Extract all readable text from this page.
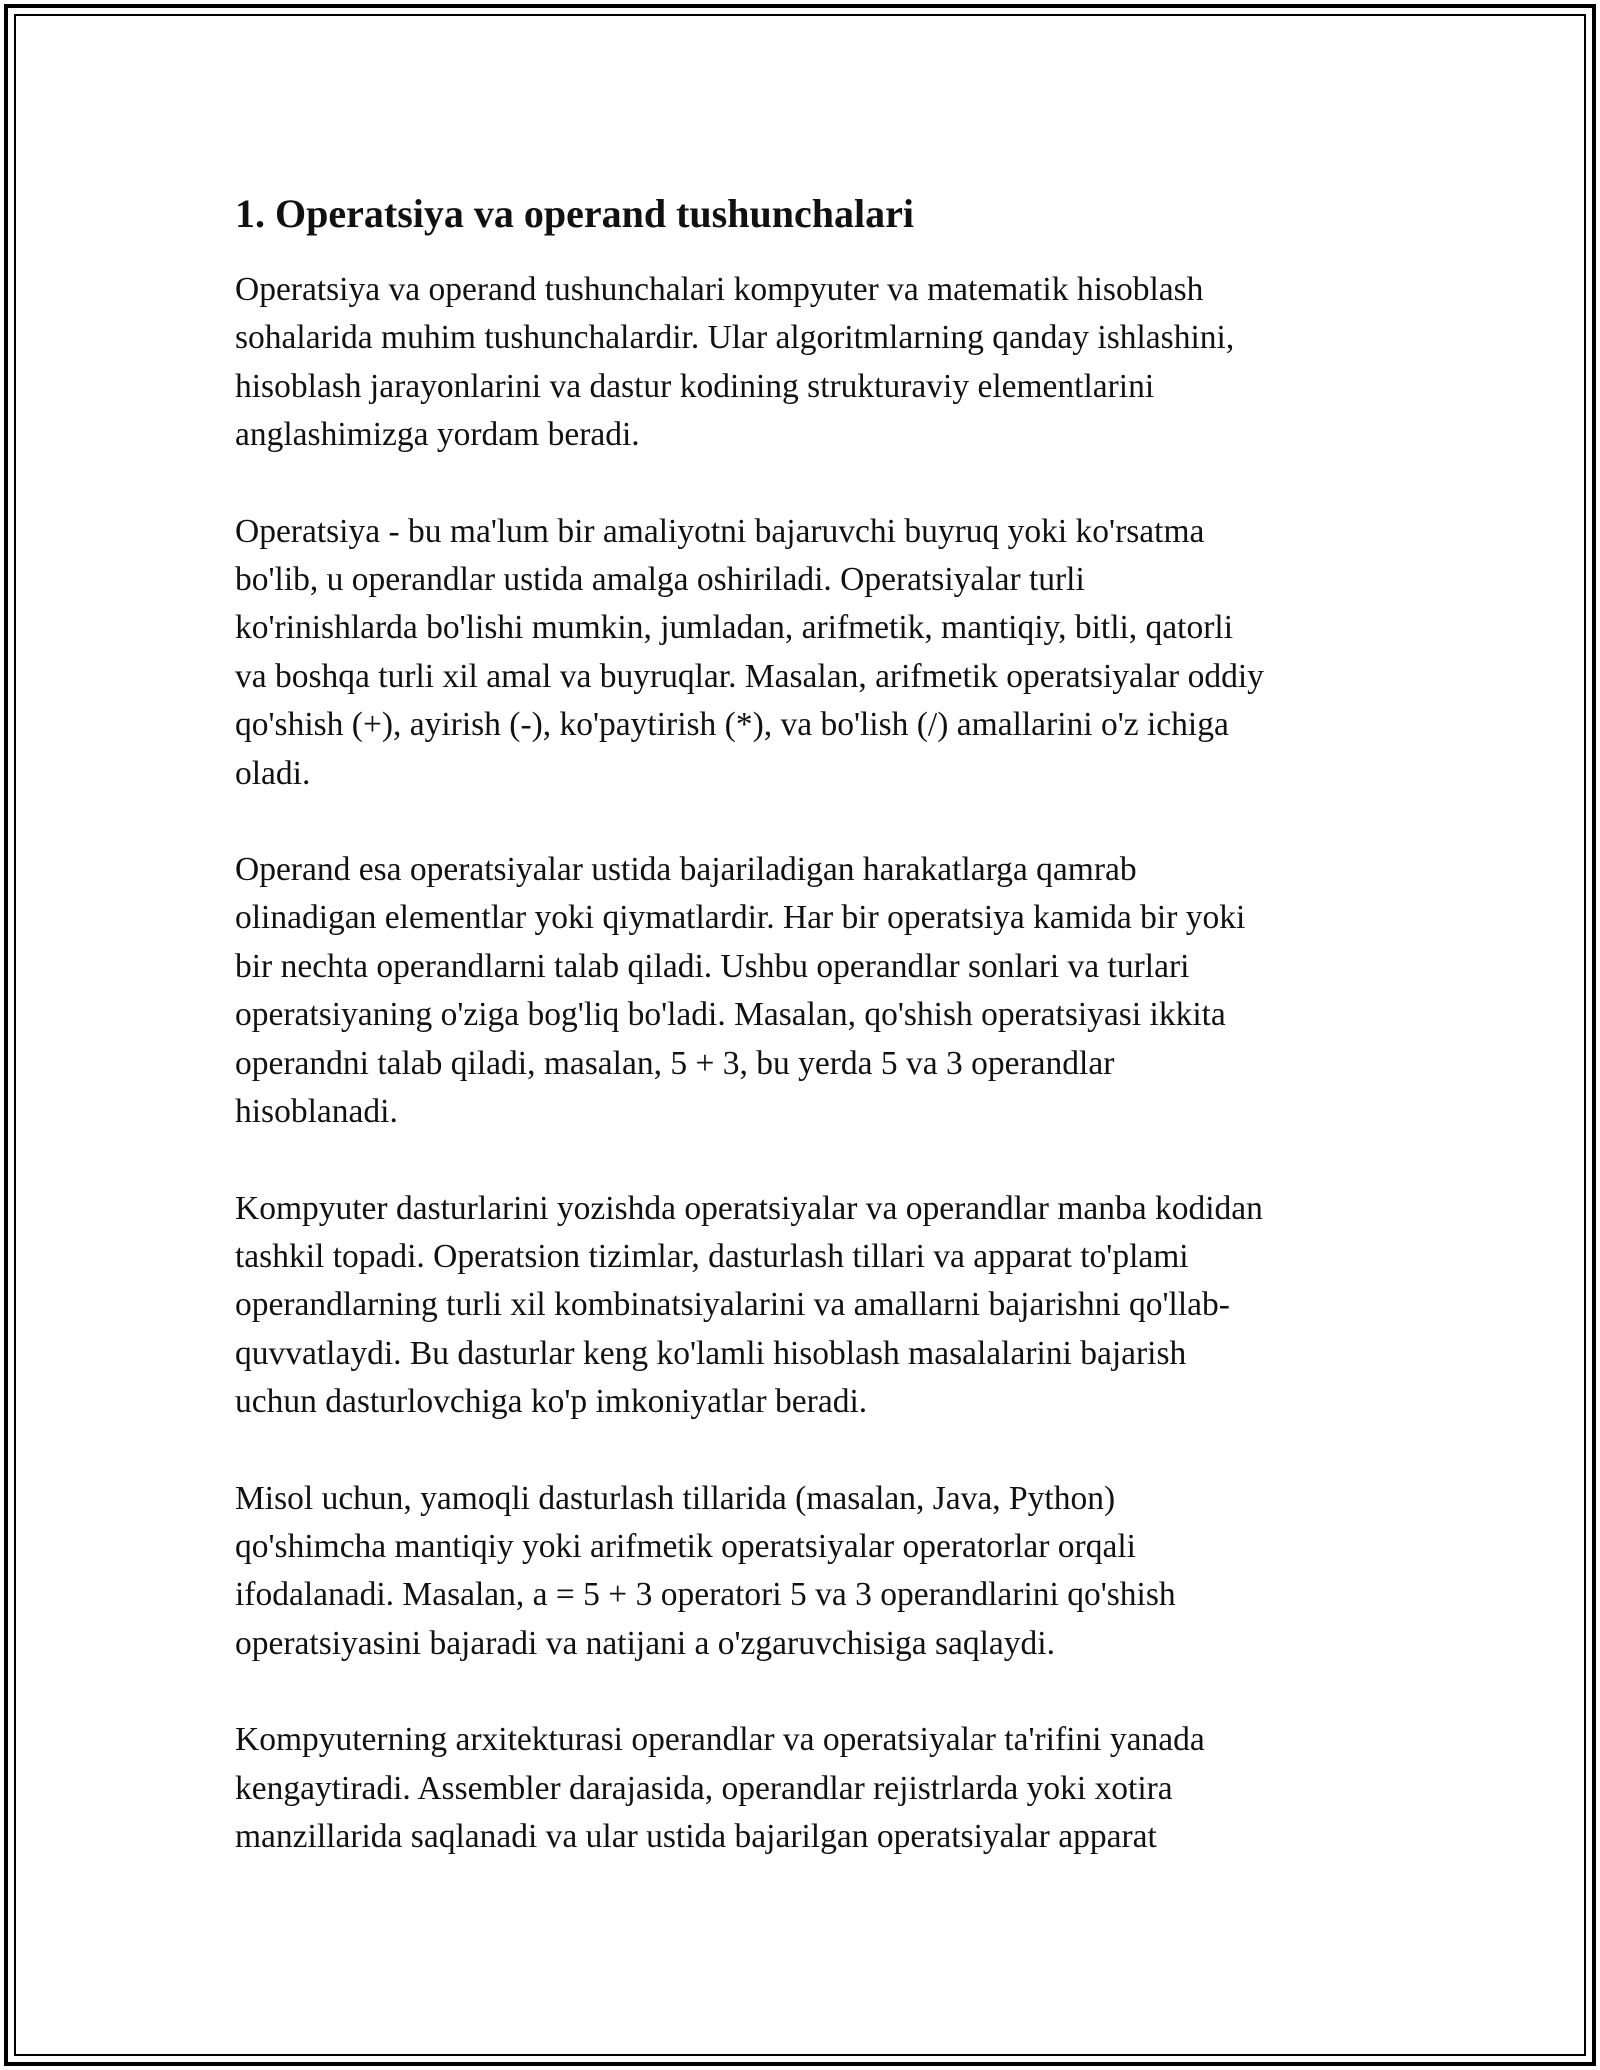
1. Operatsiya va operand tushunchalari

Operatsiya va operand tushunchalari kompyuter va matematik hisoblash
sohalarida muhim tushunchalardir. Ular algoritmlarning qanday ishlashini,
hisoblash jarayonlarini va dastur kodining strukturaviy elementlarini
anglashimizga yordam beradi.

Operatsiya - bu ma'lum bir amaliyotni bajaruvchi buyruq yoki ko'rsatma
bo'lib, u operandlar ustida amalga oshiriladi. Operatsiyalar turli
ko'rinishlarda bo'lishi mumkin, jumladan, arifmetik, mantiqiy, bitli, qatorli
va boshqa turli xil amal va buyruqlar. Masalan, arifmetik operatsiyalar oddiy
qo'shish (+), ayirish (-), ko'paytirish (*), va bo'lish (/) amallarini o'z ichiga
oladi.

Operand esa operatsiyalar ustida bajariladigan harakatlarga qamrab
olinadigan elementlar yoki qiymatlardir. Har bir operatsiya kamida bir yoki
bir nechta operandlarni talab qiladi. Ushbu operandlar sonlari va turlari
operatsiyaning o'ziga bog'liq bo'ladi. Masalan, qo'shish operatsiyasi ikkita
operandni talab qiladi, masalan, 5 + 3, bu yerda 5 va 3 operandlar
hisoblanadi.

Kompyuter dasturlarini yozishda operatsiyalar va operandlar manba kodidan
tashkil topadi. Operatsion tizimlar, dasturlash tillari va apparat to'plami
operandlarning turli xil kombinatsiyalarini va amallarni bajarishni qo'llab-
quvvatlaydi. Bu dasturlar keng ko'lamli hisoblash masalalarini bajarish
uchun dasturlovchiga ko'p imkoniyatlar beradi.

Misol uchun, yamoqli dasturlash tillarida (masalan, Java, Python)
qo'shimcha mantiqiy yoki arifmetik operatsiyalar operatorlar orqali
ifodalanadi. Masalan, a = 5 + 3 operatori 5 va 3 operandlarini qo'shish
operatsiyasini bajaradi va natijani a o'zgaruvchisiga saqlaydi.

Kompyuterning arxitekturasi operandlar va operatsiyalar ta'rifini yanada
kengaytiradi. Assembler darajasida, operandlar rejistrlarda yoki xotira
manzillarida saqlanadi va ular ustida bajarilgan operatsiyalar apparat
